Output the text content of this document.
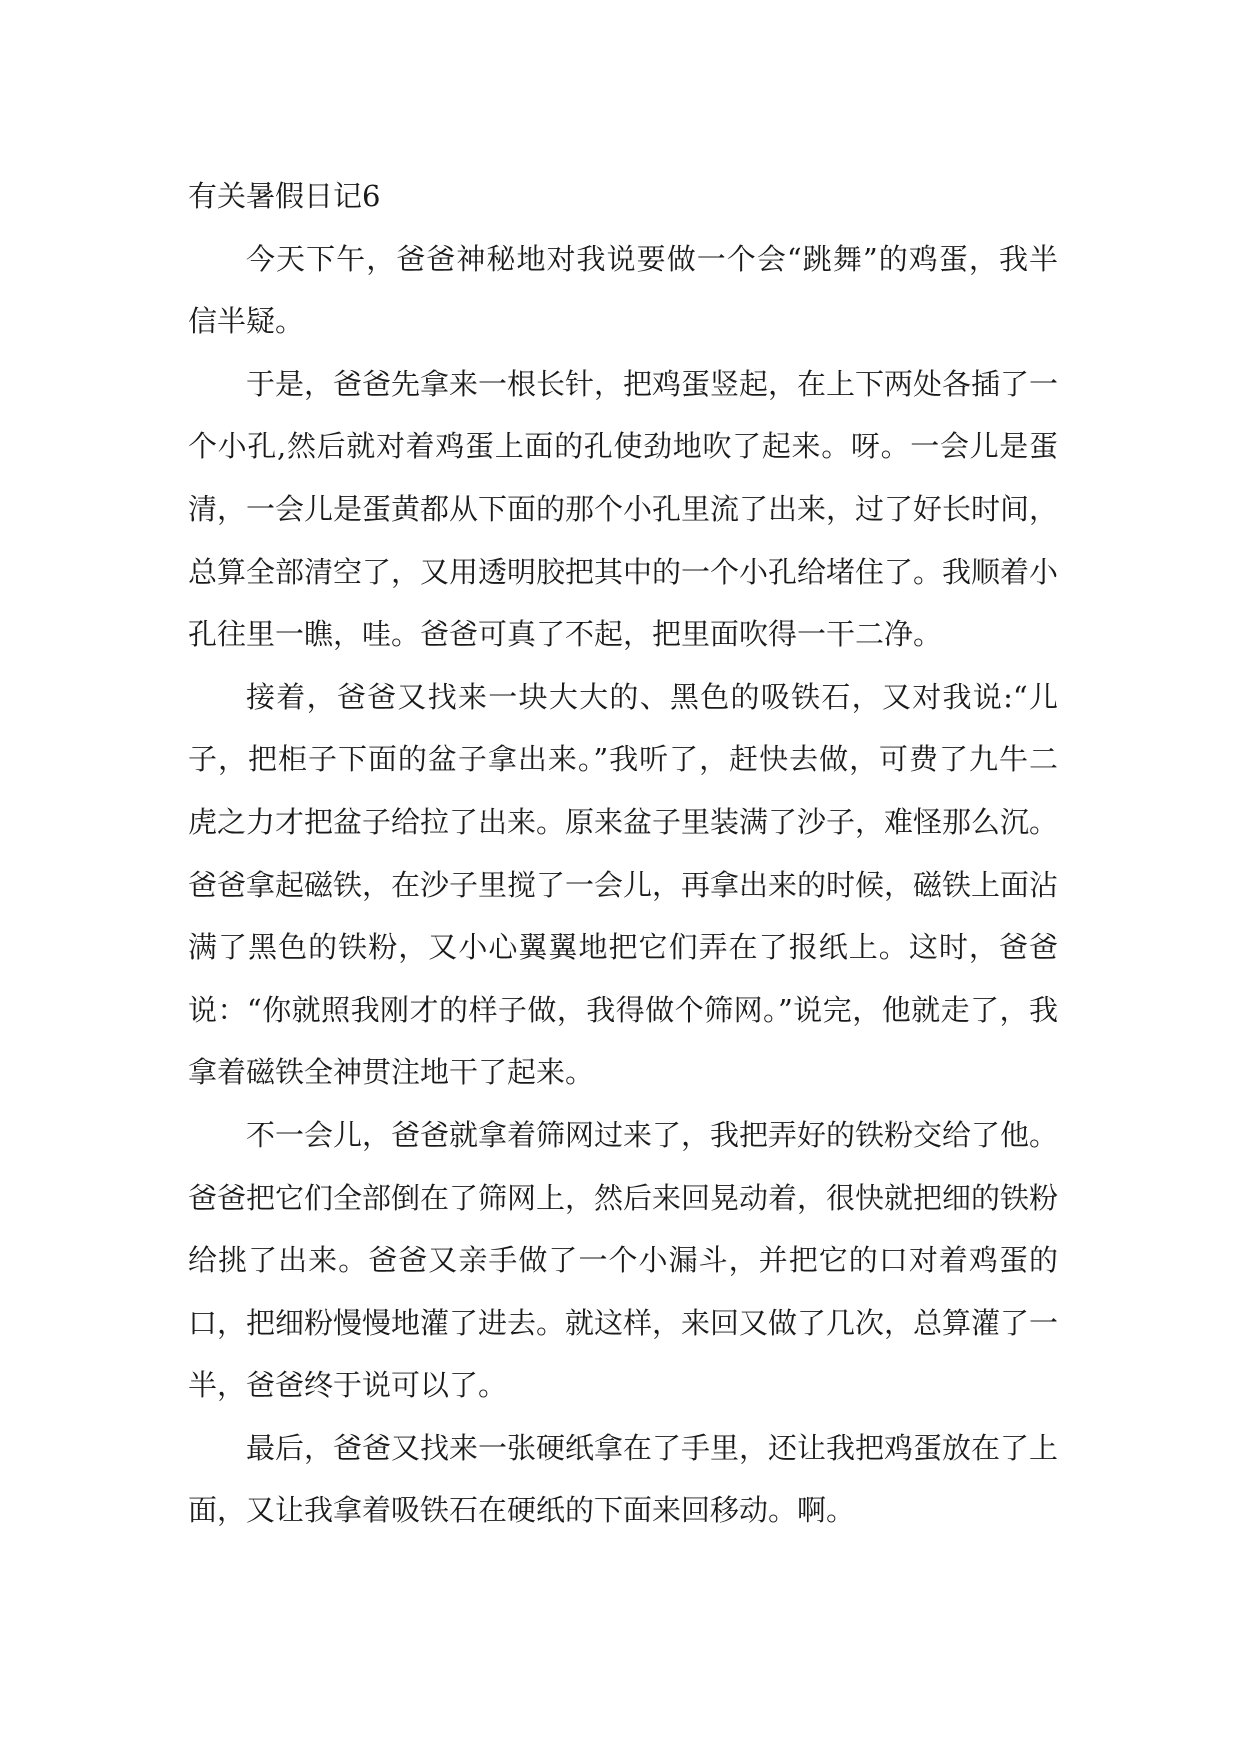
有关暑假日记6

今天下午，爸爸神秘地对我说要做一个会“跳舞”的鸡蛋，我半信半疑。

于是，爸爸先拿来一根长针，把鸡蛋竖起，在上下两处各插了一个小孔,然后就对着鸡蛋上面的孔使劲地吹了起来。呀。一会儿是蛋清，一会儿是蛋黄都从下面的那个小孔里流了出来，过了好长时间，总算全部清空了，又用透明胶把其中的一个小孔给堵住了。我顺着小孔往里一瞧，哇。爸爸可真了不起，把里面吹得一干二净。

接着，爸爸又找来一块大大的、黑色的吸铁石，又对我说:“儿子，把柜子下面的盆子拿出来。”我听了，赶快去做，可费了九牛二虎之力才把盆子给拉了出来。原来盆子里装满了沙子，难怪那么沉。爸爸拿起磁铁，在沙子里搅了一会儿，再拿出来的时候，磁铁上面沾满了黑色的铁粉，又小心翼翼地把它们弄在了报纸上。这时，爸爸说：“你就照我刚才的样子做，我得做个筛网。”说完，他就走了，我拿着磁铁全神贯注地干了起来。

不一会儿，爸爸就拿着筛网过来了，我把弄好的铁粉交给了他。爸爸把它们全部倒在了筛网上，然后来回晃动着，很快就把细的铁粉给挑了出来。爸爸又亲手做了一个小漏斗，并把它的口对着鸡蛋的口，把细粉慢慢地灌了进去。就这样，来回又做了几次，总算灌了一半，爸爸终于说可以了。

最后，爸爸又找来一张硬纸拿在了手里，还让我把鸡蛋放在了上面，又让我拿着吸铁石在硬纸的下面来回移动。啊。
